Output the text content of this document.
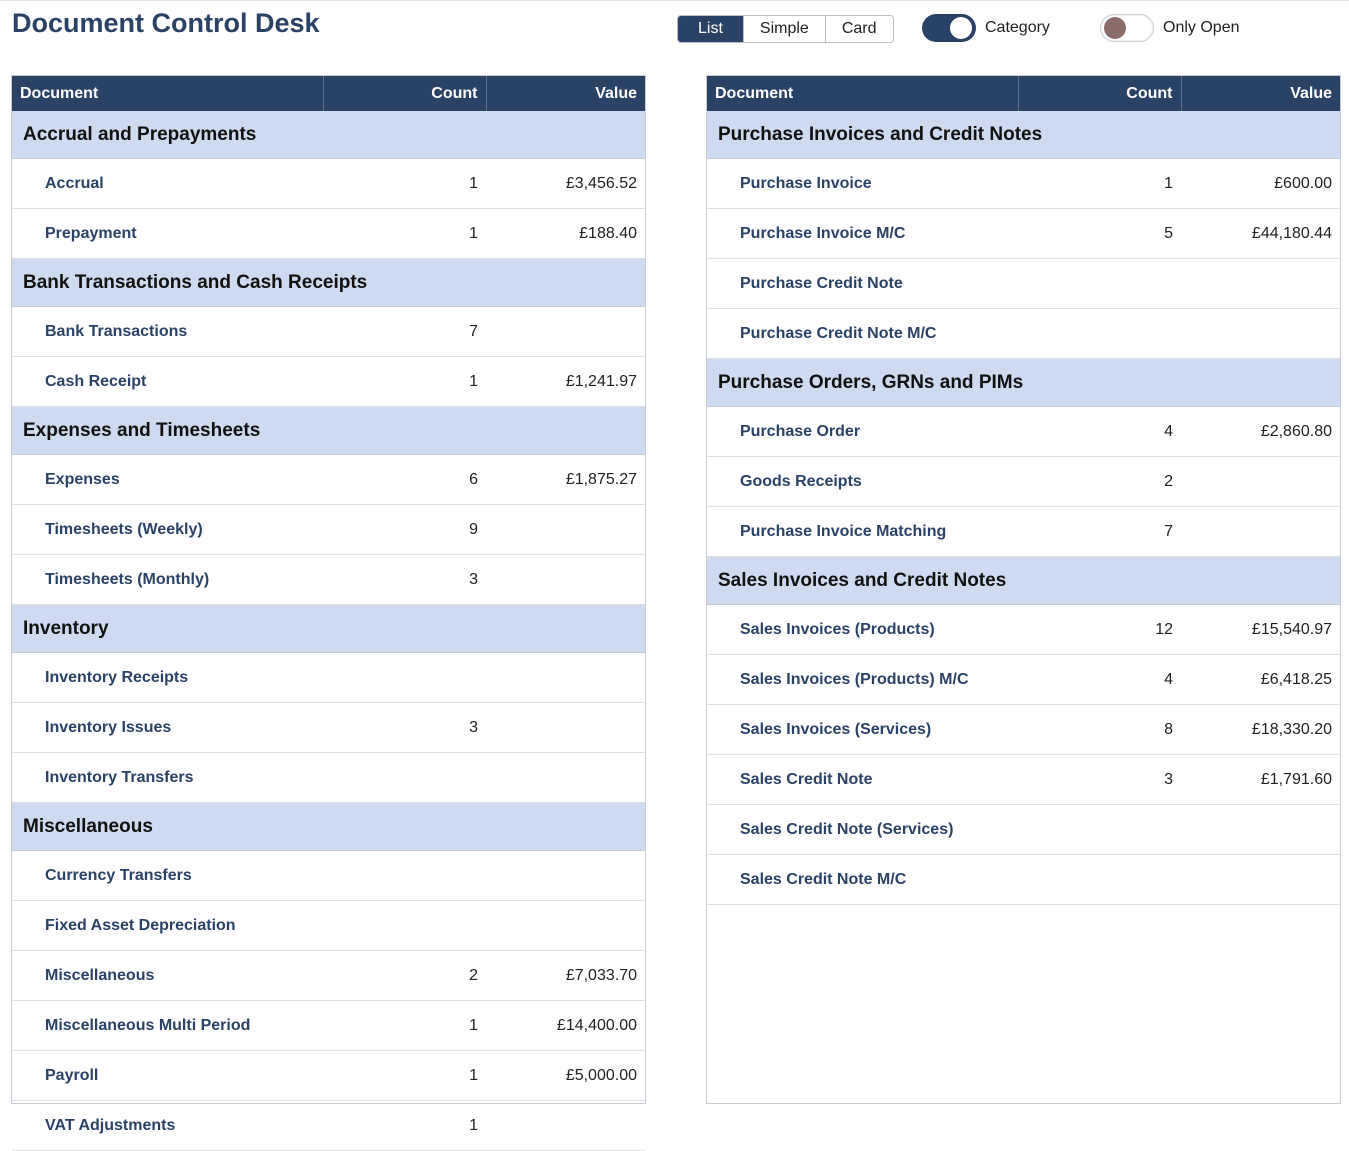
Document Control Desk	List	Simple	Card	Category	Only Open
Document	Count	Value
Accrual and Prepayments		
Accrual	1	£3,456.52
Prepayment	1	£188.40
Bank Transactions and Cash Receipts		
Bank Transactions	7	
Cash Receipt	1	£1,241.97
Expenses and Timesheets		
Expenses	6	£1,875.27
Timesheets (Weekly)	9	
Timesheets (Monthly)	3	
Inventory		
Inventory Receipts		
Inventory Issues	3	
Inventory Transfers		
Miscellaneous		
Currency Transfers		
Fixed Asset Depreciation		
Miscellaneous	2	£7,033.70
Miscellaneous Multi Period	1	£14,400.00
Payroll	1	£5,000.00
VAT Adjustments	1	
Document	Count	Value
Purchase Invoices and Credit Notes		
Purchase Invoice	1	£600.00
Purchase Invoice M/C	5	£44,180.44
Purchase Credit Note		
Purchase Credit Note M/C		
Purchase Orders, GRNs and PIMs		
Purchase Order	4	£2,860.80
Goods Receipts	2	
Purchase Invoice Matching	7	
Sales Invoices and Credit Notes		
Sales Invoices (Products)	12	£15,540.97
Sales Invoices (Products) M/C	4	£6,418.25
Sales Invoices (Services)	8	£18,330.20
Sales Credit Note	3	£1,791.60
Sales Credit Note (Services)		
Sales Credit Note M/C		
